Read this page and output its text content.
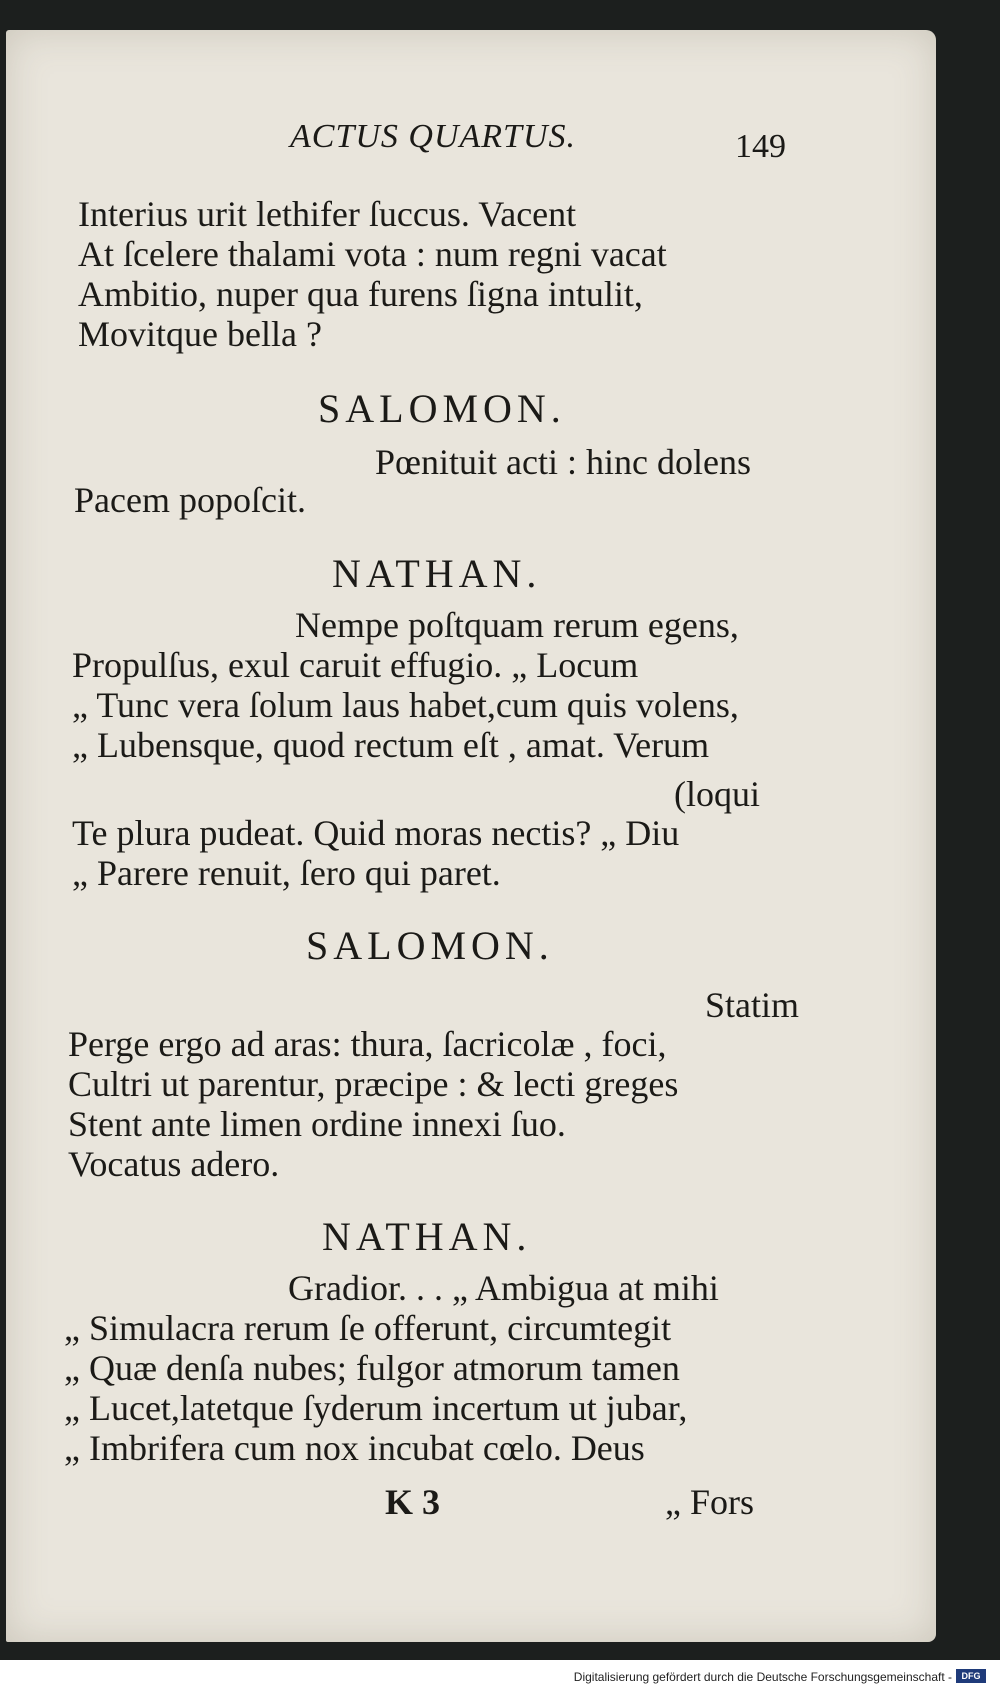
ACTUS QUARTUS.	149
Interius urit lethifer ſuccus. Vacent
At ſcelere thalami vota : num regni vacat
Ambitio, nuper qua furens ſigna intulit,
Movitque bella ?
SALOMON.
Pœnituit acti : hinc dolens
Pacem popoſcit.
NATHAN.
Nempe poſtquam rerum egens,
Propulſus, exul caruit effugio. „ Locum
„ Tunc vera ſolum laus habet,cum quis volens,
„ Lubensque, quod rectum eſt , amat. Verum
(loqui
Te plura pudeat. Quid moras nectis? „ Diu
„ Parere renuit, ſero qui paret.
SALOMON.
Statim
Perge ergo ad aras: thura, ſacricolæ , foci,
Cultri ut parentur, præcipe : & lecti greges
Stent ante limen ordine innexi ſuo.
Vocatus adero.
NATHAN.
Gradior. . . „ Ambigua at mihi
„ Simulacra rerum ſe offerunt, circumtegit
„ Quæ denſa nubes; fulgor atmorum tamen
„ Lucet,latetque ſyderum incertum ut jubar,
„ Imbrifera cum nox incubat cœlo. Deus
K 3	„ Fors
Digitalisierung gefördert durch die Deutsche Forschungsgemeinschaft -	DFG
